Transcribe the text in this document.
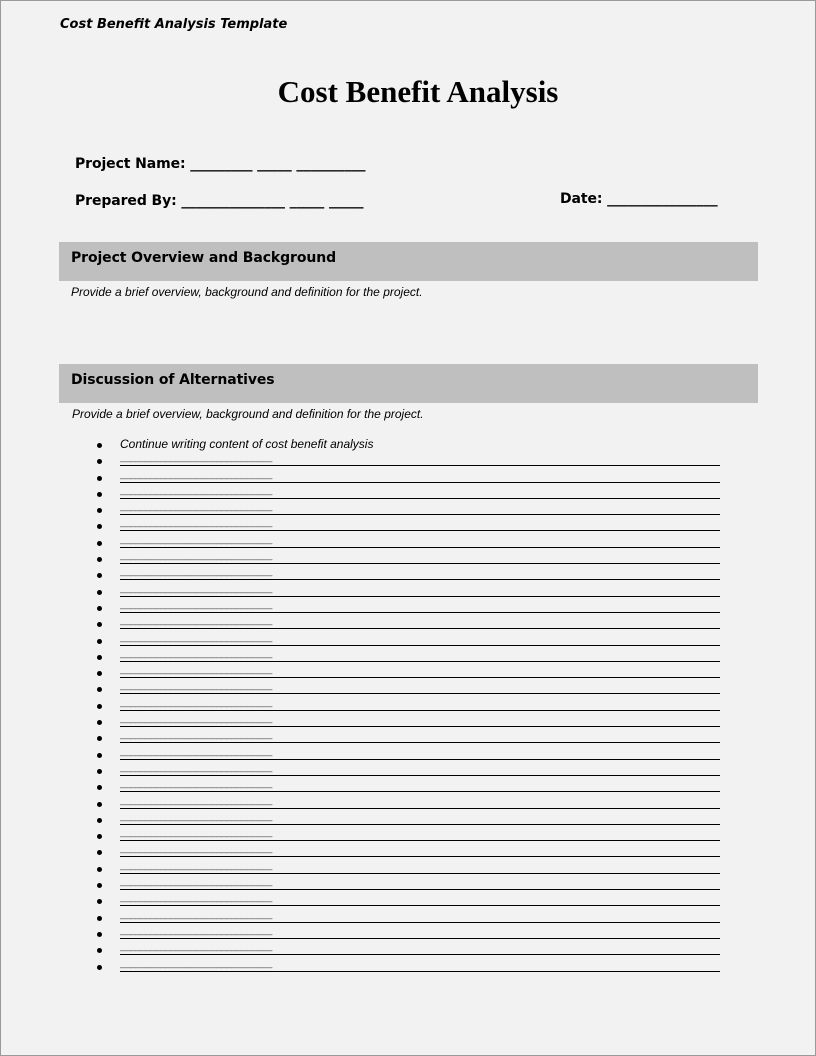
Cost Benefit Analysis Template
Cost Benefit Analysis
Project Name: _________ _____ __________
Prepared By: _______________ _____ _____	Date: ________________
Project Overview and Background
Provide a brief overview, background and definition for the project.
Discussion of Alternatives
Provide a brief overview, background and definition for the project.
Continue writing content of cost benefit analysis
______________________________
______________________________
______________________________
______________________________
______________________________
______________________________
______________________________
______________________________
______________________________
______________________________
______________________________
______________________________
______________________________
______________________________
______________________________
______________________________
______________________________
______________________________
______________________________
______________________________
______________________________
______________________________
______________________________
______________________________
______________________________
______________________________
______________________________
______________________________
______________________________
______________________________
______________________________
______________________________
